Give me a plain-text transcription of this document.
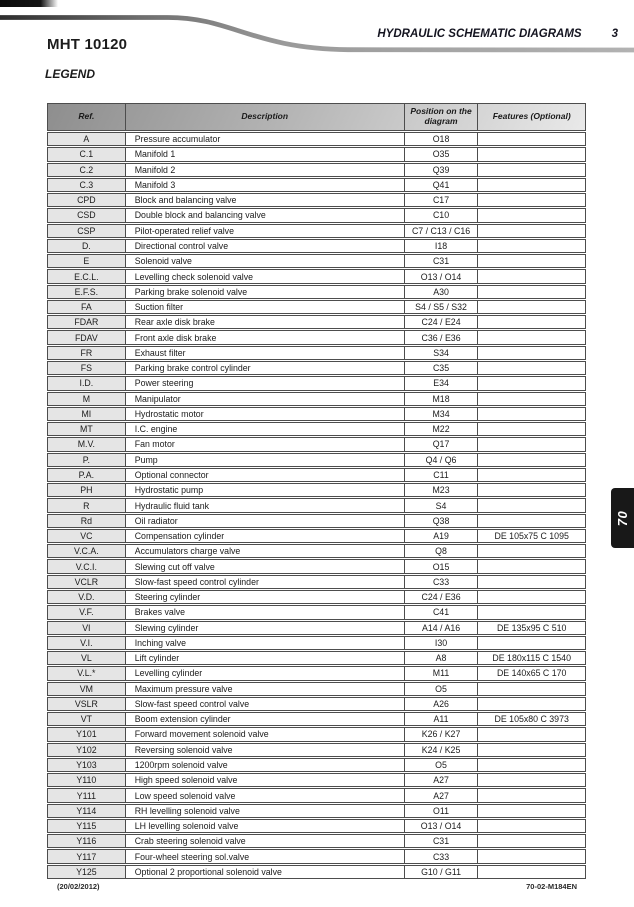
MHT 10120
HYDRAULIC SCHEMATIC DIAGRAMS	3
LEGEND
Ref.	Description	Position on the diagram	Features (Optional)
A	Pressure accumulator	O18
C.1	Manifold 1	O35
C.2	Manifold 2	Q39
C.3	Manifold 3	Q41
CPD	Block and balancing valve	C17
CSD	Double block and balancing valve	C10
CSP	Pilot-operated relief valve	C7 / C13 / C16
D.	Directional control valve	I18
E	Solenoid valve	C31
E.C.L.	Levelling check solenoid valve	O13 / O14
E.F.S.	Parking brake solenoid valve	A30
FA	Suction filter	S4 / S5 / S32
FDAR	Rear axle disk brake	C24 / E24
FDAV	Front axle disk brake	C36 / E36
FR	Exhaust filter	S34
FS	Parking brake control cylinder	C35
I.D.	Power steering	E34
M	Manipulator	M18
MI	Hydrostatic motor	M34
MT	I.C. engine	M22
M.V.	Fan motor	Q17
P.	Pump	Q4 / Q6
P.A.	Optional connector	C11
PH	Hydrostatic pump	M23
R	Hydraulic fluid tank	S4
Rd	Oil radiator	Q38
VC	Compensation cylinder	A19	DE 105x75 C 1095
V.C.A.	Accumulators charge valve	Q8
V.C.I.	Slewing cut off valve	O15
VCLR	Slow-fast speed control cylinder	C33
V.D.	Steering cylinder	C24 / E36
V.F.	Brakes valve	C41
VI	Slewing cylinder	A14 / A16	DE 135x95 C 510
V.I.	Inching valve	I30
VL	Lift cylinder	A8	DE 180x115 C 1540
V.L.*	Levelling cylinder	M11	DE 140x65 C 170
VM	Maximum pressure valve	O5
VSLR	Slow-fast speed control valve	A26
VT	Boom extension cylinder	A11	DE 105x80 C 3973
Y101	Forward movement solenoid valve	K26 / K27
Y102	Reversing solenoid valve	K24 / K25
Y103	1200rpm solenoid valve	O5
Y110	High speed solenoid valve	A27
Y111	Low speed solenoid valve	A27
Y114	RH levelling solenoid valve	O11
Y115	LH levelling solenoid valve	O13 / O14
Y116	Crab steering solenoid valve	C31
Y117	Four-wheel steering sol.valve	C33
Y125	Optional 2 proportional solenoid valve	G10 / G11
70
(20/02/2012)	70-02-M184EN
